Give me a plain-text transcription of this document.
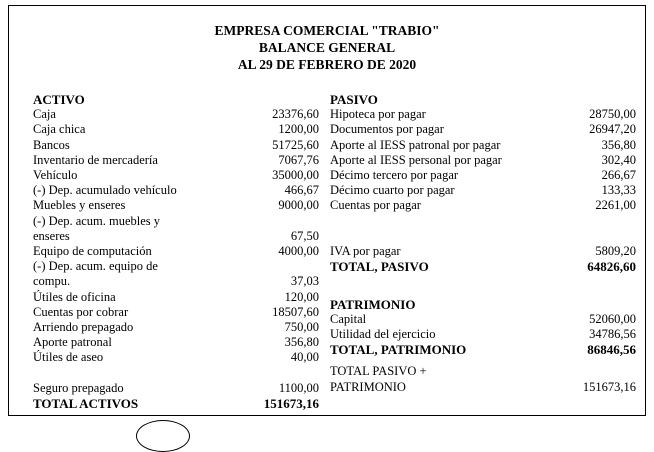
EMPRESA COMERCIAL "TRABIO"
BALANCE GENERAL
AL 29 DE FEBRERO DE 2020
ACTIVO
Caja	23376,60
Caja chica	1200,00
Bancos	51725,60
Inventario de mercadería	7067,76
Vehículo	35000,00
(-) Dep. acumulado vehículo	466,67
Muebles y enseres	9000,00
(-) Dep. acum. muebles y
enseres	67,50
Equipo de computación	4000,00
(-) Dep. acum. equipo de
compu.	37,03
Útiles de oficina	120,00
Cuentas por cobrar	18507,60
Arriendo prepagado	750,00
Aporte patronal	356,80
Útiles de aseo	40,00
Seguro prepagado	1100,00
TOTAL ACTIVOS	151673,16
PASIVO
Hipoteca por pagar	28750,00
Documentos por pagar	26947,20
Aporte al IESS patronal por pagar	356,80
Aporte al IESS personal por pagar	302,40
Décimo tercero por pagar	266,67
Décimo cuarto por pagar	133,33
Cuentas por pagar	2261,00
IVA por pagar	5809,20
TOTAL, PASIVO	64826,60
PATRIMONIO
Capital	52060,00
Utilidad del ejercicio	34786,56
TOTAL, PATRIMONIO	86846,56
TOTAL PASIVO +
PATRIMONIO	151673,16
